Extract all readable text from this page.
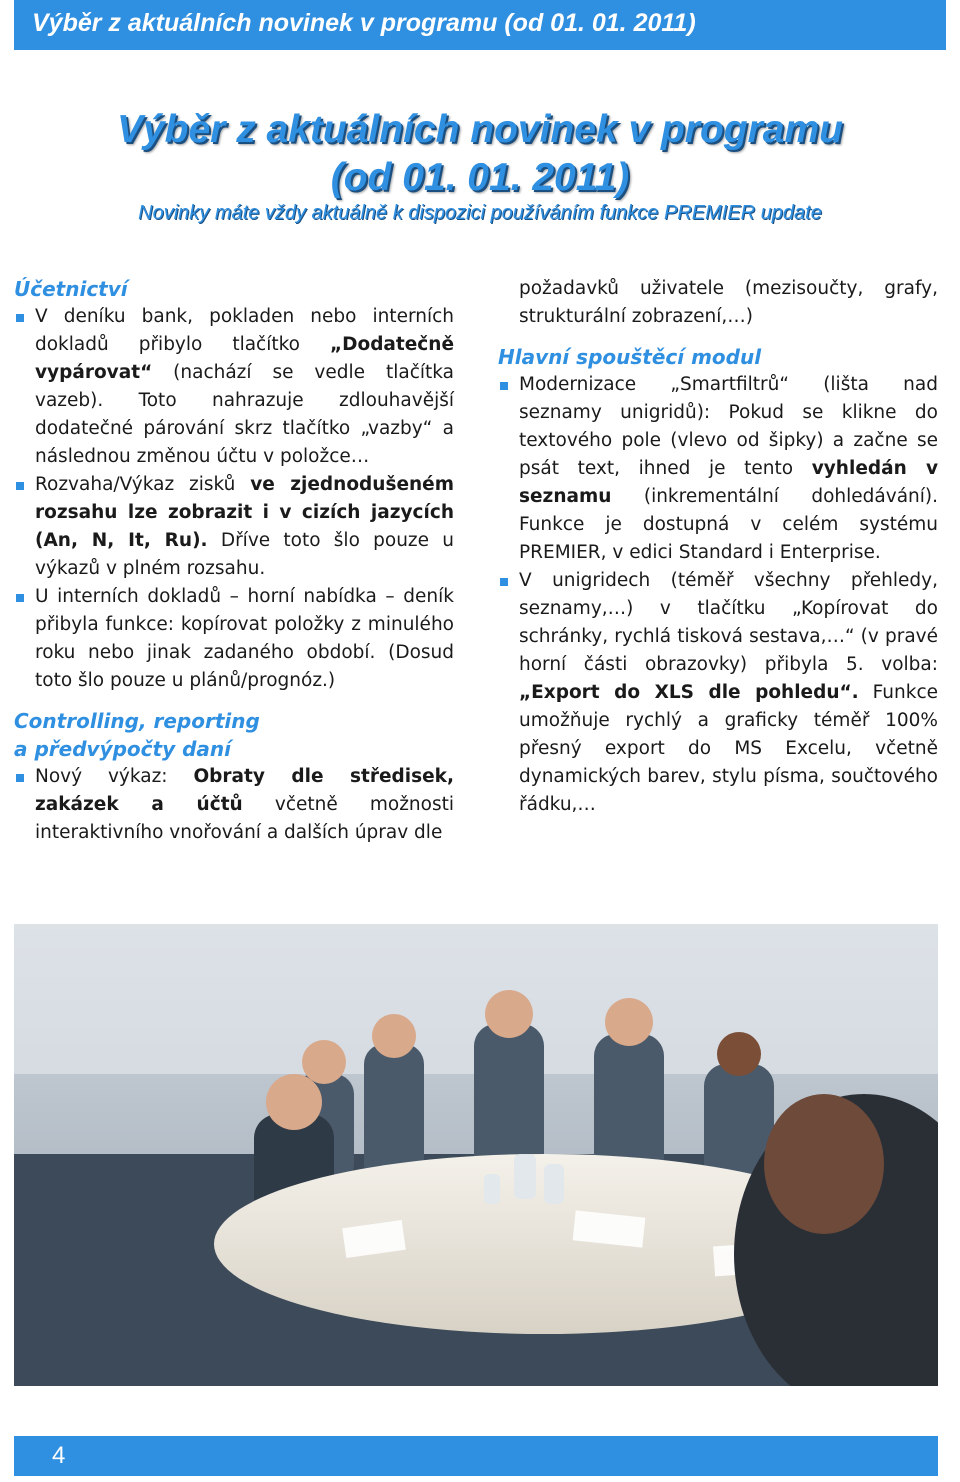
Výběr z aktuálních novinek v programu (od 01. 01. 2011)
Výběr z aktuálních novinek v programu
(od 01. 01. 2011)
Novinky máte vždy aktuálně k dispozici používáním funkce PREMIER update

Účetnictví

V deníku bank, pokladen nebo interních dokladů přibylo tlačítko „Dodatečně vypárovat“ (nachází se vedle tlačítka vazeb). Toto nahrazuje zdlouhavější dodatečné párování skrz tlačítko „vazby“ a následnou změnou účtu v položce…
Rozvaha/Výkaz zisků ve zjednodušeném rozsahu lze zobrazit i v cizích jazycích (An, N, It, Ru). Dříve toto šlo pouze u výkazů v plném rozsahu.
U interních dokladů – horní nabídka – deník přibyla funkce: kopírovat položky z minulého roku nebo jinak zadaného období. (Dosud toto šlo pouze u plánů/prognóz.)

Controlling, reporting
a předvýpočty daní

Nový výkaz: Obraty dle středisek, zakázek a účtů včetně možnosti interaktivního vnořování a dalších úprav dle
požadavků uživatele (mezisoučty, grafy, strukturální zobrazení,…)

Hlavní spouštěcí modul

Modernizace „Smartfiltrů“ (lišta nad seznamy unigridů): Pokud se klikne do textového pole (vlevo od šipky) a začne se psát text, ihned je tento vyhledán v seznamu (inkrementální dohledávání). Funkce je dostupná v celém systému PREMIER, v edici Standard i Enterprise.
V unigridech (téměř všechny přehledy, seznamy,…) v tlačítku „Kopírovat do schránky, rychlá tisková sestava,…“ (v pravé horní části obrazovky) přibyla 5. volba: „Export do XLS dle pohledu“. Funkce umožňuje rychlý a graficky téměř 100% přesný export do MS Excelu, včetně dynamických barev, stylu písma, součtového řádku,…
4
